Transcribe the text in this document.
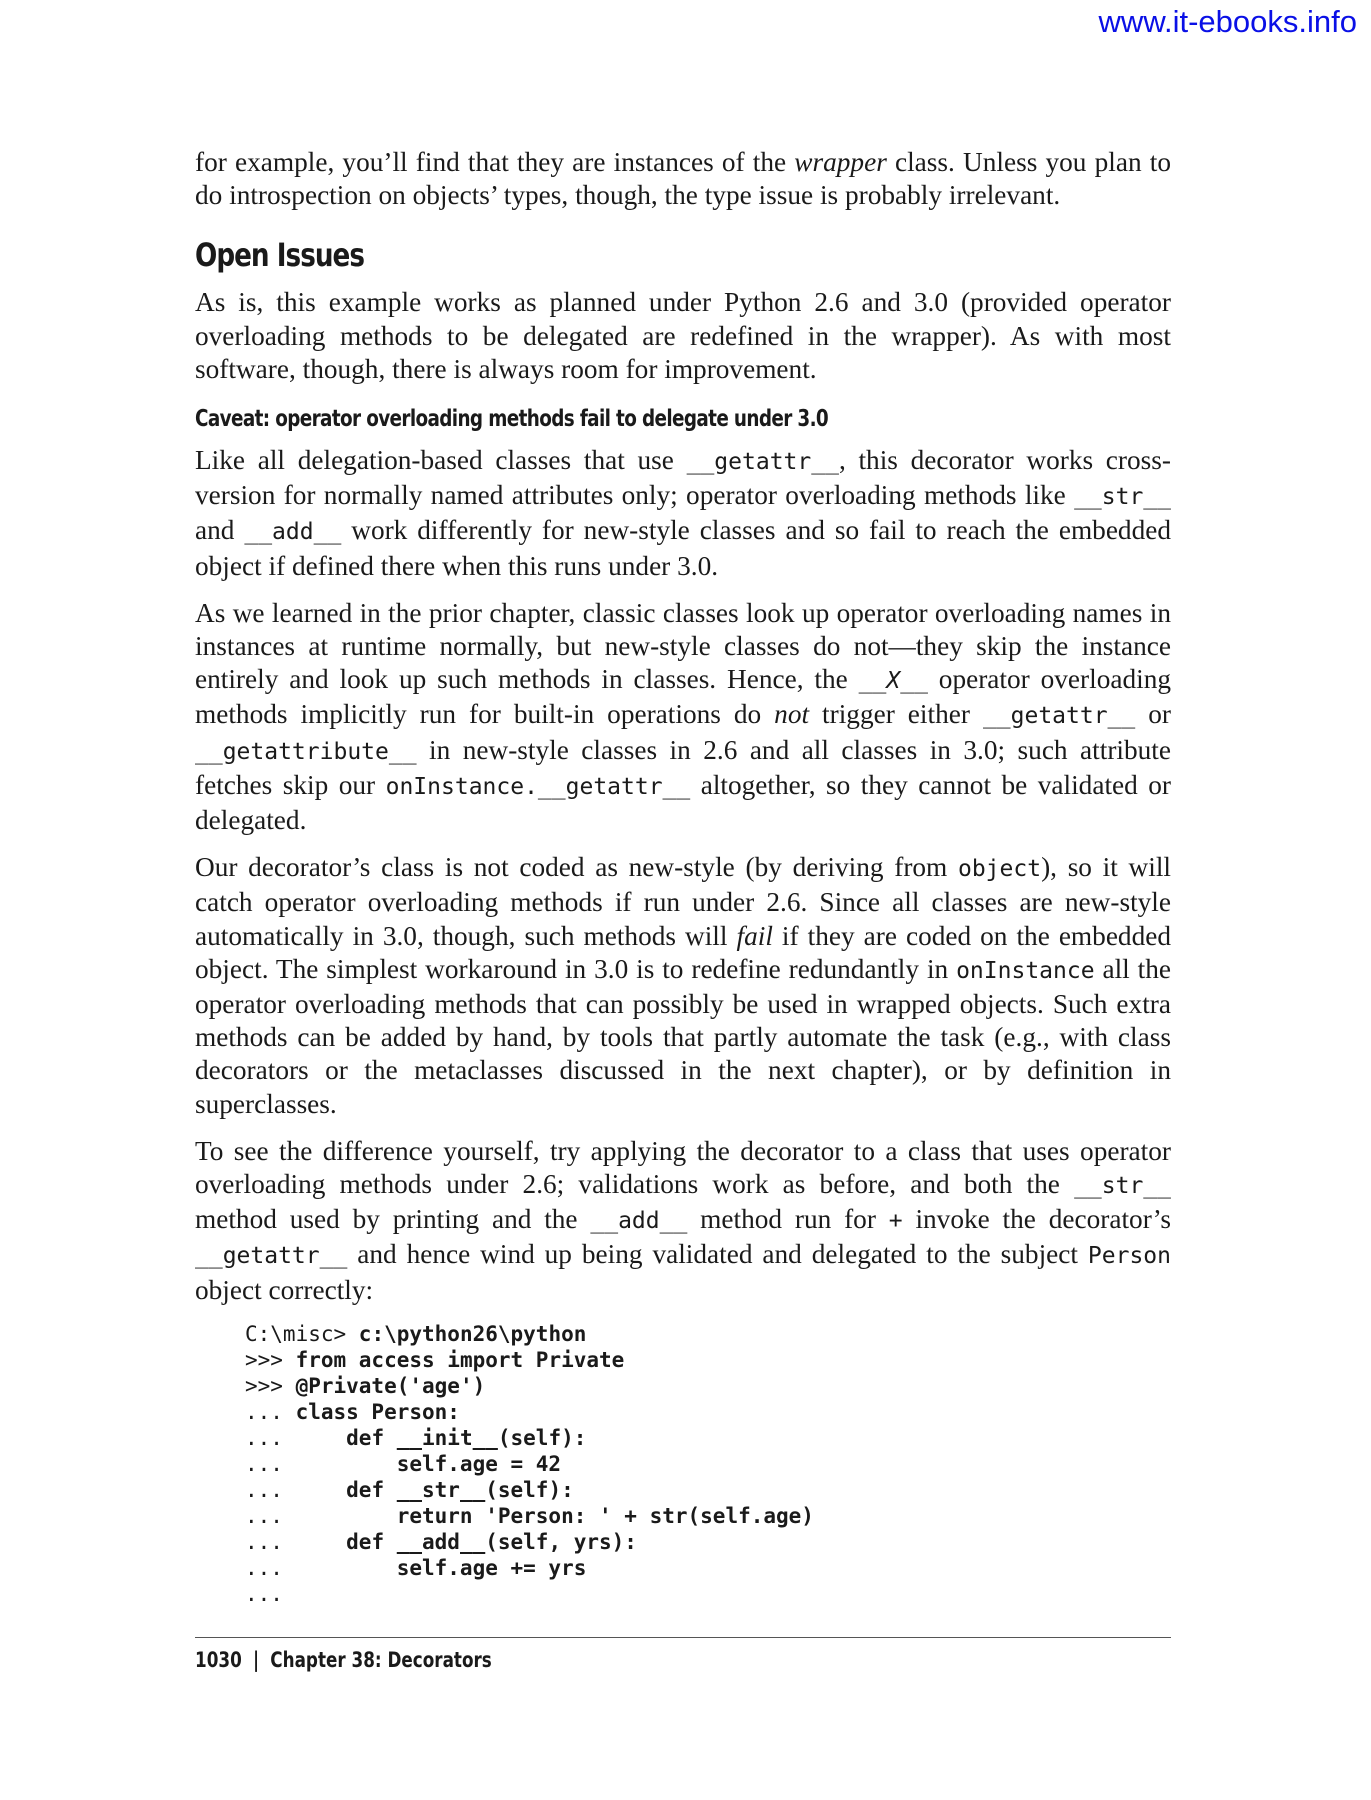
www.it-ebooks.info

for example, you’ll find that they are instances of the wrapper class. Unless you plan to do introspection on objects’ types, though, the type issue is probably irrelevant.

Open Issues

As is, this example works as planned under Python 2.6 and 3.0 (provided operator overloading methods to be delegated are redefined in the wrapper). As with most software, though, there is always room for improvement.

Caveat: operator overloading methods fail to delegate under 3.0

Like all delegation-based classes that use __getattr__, this decorator works cross-version for normally named attributes only; operator overloading methods like __str__ and __add__ work differently for new-style classes and so fail to reach the embedded object if defined there when this runs under 3.0.

As we learned in the prior chapter, classic classes look up operator overloading names in instances at runtime normally, but new-style classes do not—they skip the instance entirely and look up such methods in classes. Hence, the __X__ operator overloading methods implicitly run for built-in operations do not trigger either __getattr__ or __getattribute__ in new-style classes in 2.6 and all classes in 3.0; such attribute fetches skip our onInstance.__getattr__ altogether, so they cannot be validated or delegated.

Our decorator’s class is not coded as new-style (by deriving from object), so it will catch operator overloading methods if run under 2.6. Since all classes are new-style automatically in 3.0, though, such methods will fail if they are coded on the embedded object. The simplest workaround in 3.0 is to redefine redundantly in onInstance all the operator overloading methods that can possibly be used in wrapped objects. Such extra methods can be added by hand, by tools that partly automate the task (e.g., with class decorators or the metaclasses discussed in the next chapter), or by definition in superclasses.

To see the difference yourself, try applying the decorator to a class that uses operator overloading methods under 2.6; validations work as before, and both the __str__ method used by printing and the __add__ method run for + invoke the decorator’s __getattr__ and hence wind up being validated and delegated to the subject Person object correctly:

C:\misc> c:\python26\python
>>> from access import Private
>>> @Private('age')
... class Person:
...     def __init__(self):
...         self.age = 42
...     def __str__(self):
...         return 'Person: ' + str(self.age)
...     def __add__(self, yrs):
...         self.age += yrs
...
1030 | Chapter 38: Decorators
